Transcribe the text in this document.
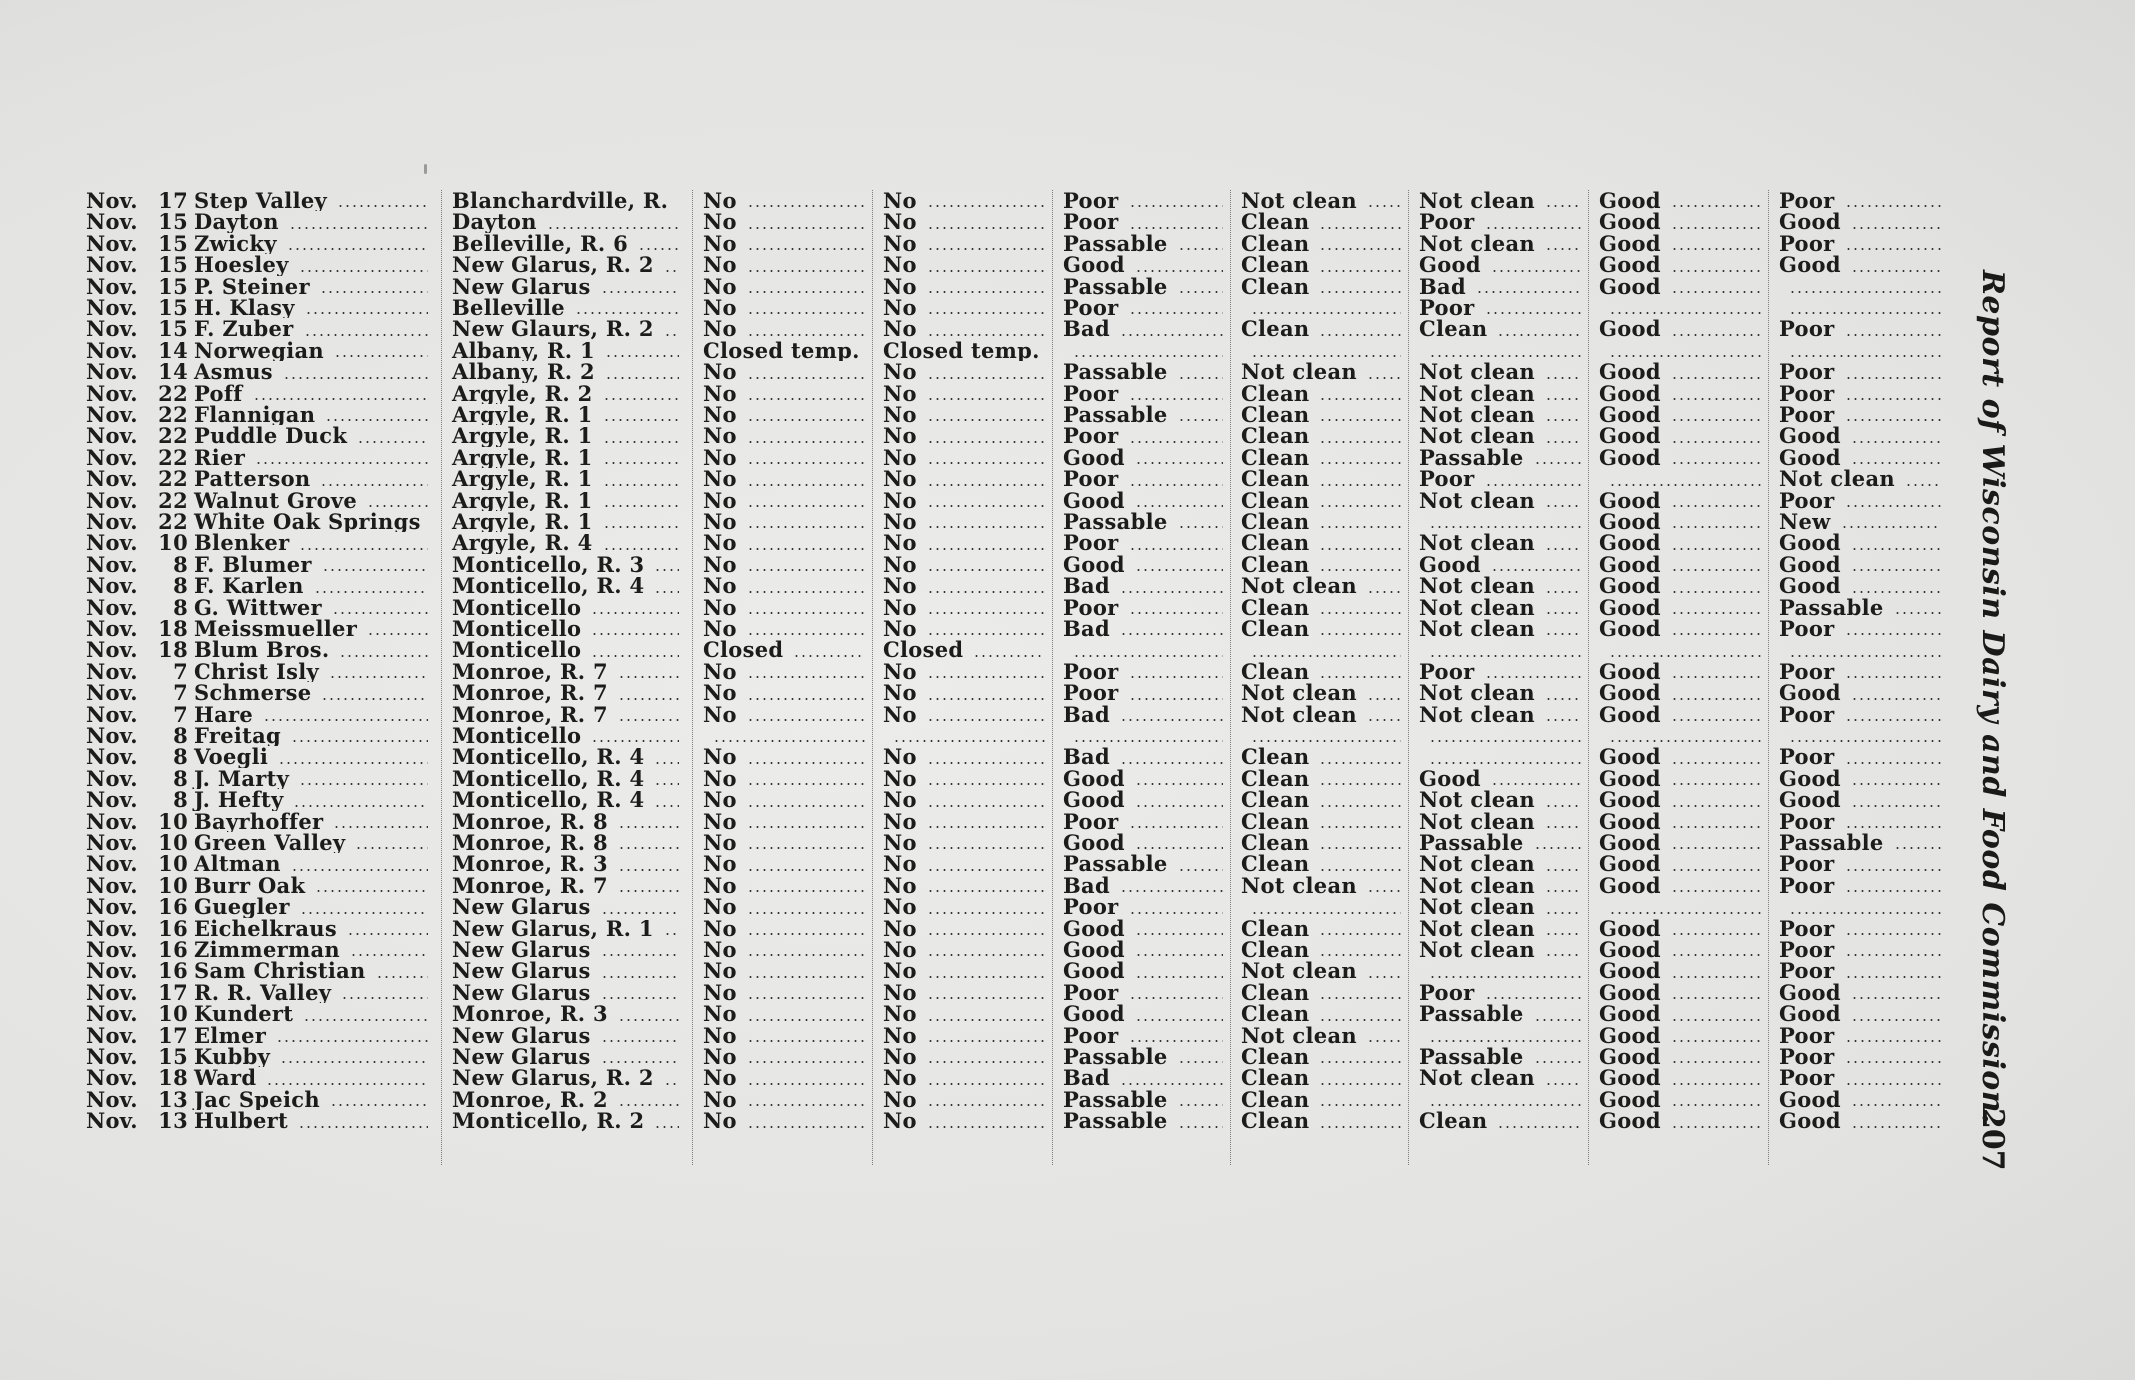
Nov. 17 Step Valley
Nov. 15 Dayton
Nov. 15 Zwicky
Nov. 15 Hoesley
Nov. 15 P. Steiner
Nov. 15 H. Klasy
Nov. 15 F. Zuber
Nov. 14 Norwegian
Nov. 14 Asmus
Nov. 22 Poff
Nov. 22 Flannigan
Nov. 22 Puddle Duck
Nov. 22 Rier
Nov. 22 Patterson
Nov. 22 Walnut Grove
Nov. 22 White Oak Springs
Nov. 10 Blenker
Nov. 8 F. Blumer
Nov. 8 F. Karlen
Nov. 8 G. Wittwer
Nov. 18 Meissmueller
Nov. 18 Blum Bros.
Nov. 7 Christ Isly
Nov. 7 Schmerse
Nov. 7 Hare
Nov. 8 Freitag
Nov. 8 Voegli
Nov. 8 J. Marty
Nov. 8 J. Hefty
Nov. 10 Bayrhoffer
Nov. 10 Green Valley
Nov. 10 Altman
Nov. 10 Burr Oak
Nov. 16 Guegler
Nov. 16 Eichelkraus
Nov. 16 Zimmerman
Nov. 16 Sam Christian
Nov. 17 R. R. Valley
Nov. 10 Kundert
Nov. 17 Elmer
Nov. 15 Kubby
Nov. 18 Ward
Nov. 13 Jac Speich
Nov. 13 Hulbert
Blanchardville, R.
Dayton
Belleville, R. 6
New Glarus, R. 2
New Glarus
Belleville
New Glaurs, R. 2
Albany, R. 1
Albany, R. 2
Argyle, R. 2
Argyle, R. 1
Argyle, R. 1
Argyle, R. 1
Argyle, R. 1
Argyle, R. 1
Argyle, R. 1
Argyle, R. 4
Monticello, R. 3
Monticello, R. 4
Monticello
Monticello
Monticello
Monroe, R. 7
Monroe, R. 7
Monroe, R. 7
Monticello
Monticello, R. 4
Monticello, R. 4
Monticello, R. 4
Monroe, R. 8
Monroe, R. 8
Monroe, R. 3
Monroe, R. 7
New Glarus
New Glarus, R. 1
New Glarus
New Glarus
New Glarus
Monroe, R. 3
New Glarus
New Glarus
New Glarus, R. 2
Monroe, R. 2
Monticello, R. 2
No
No
No
No
No
No
No
Closed temp.
No
No
No
No
No
No
No
No
No
No
No
No
No
Closed
No
No
No
No
No
No
No
No
No
No
No
No
No
No
No
No
No
No
No
No
No
No
No
No
No
No
No
No
Closed temp.
No
No
No
No
No
No
No
No
No
No
No
No
No
Closed
No
No
No
No
No
No
No
No
No
No
No
No
No
No
No
No
No
No
No
No
No
Poor
Poor
Passable
Good
Passable
Poor
Bad
Passable
Poor
Passable
Poor
Good
Poor
Good
Passable
Poor
Good
Bad
Poor
Bad
Poor
Poor
Bad
Bad
Good
Good
Poor
Good
Passable
Bad
Poor
Good
Good
Good
Poor
Good
Poor
Passable
Bad
Passable
Passable
Not clean
Clean
Clean
Clean
Clean
Clean
Not clean
Clean
Clean
Clean
Clean
Clean
Clean
Clean
Clean
Clean
Not clean
Clean
Clean
Clean
Not clean
Not clean
Clean
Clean
Clean
Clean
Clean
Clean
Not clean
Clean
Clean
Not clean
Clean
Clean
Not clean
Clean
Clean
Clean
Clean
Not clean
Poor
Not clean
Good
Bad
Poor
Clean
Not clean
Not clean
Not clean
Not clean
Passable
Poor
Not clean
Not clean
Good
Not clean
Not clean
Not clean
Poor
Not clean
Not clean
Good
Not clean
Not clean
Passable
Not clean
Not clean
Not clean
Not clean
Not clean
Poor
Passable
Passable
Not clean
Clean
Good
Good
Good
Good
Good
Good
Good
Good
Good
Good
Good
Good
Good
Good
Good
Good
Good
Good
Good
Good
Good
Good
Good
Good
Good
Good
Good
Good
Good
Good
Good
Good
Good
Good
Good
Good
Good
Good
Poor
Good
Poor
Good
Poor
Poor
Poor
Poor
Good
Good
Not clean
Poor
New
Good
Good
Good
Passable
Poor
Poor
Good
Poor
Poor
Good
Good
Poor
Passable
Poor
Poor
Poor
Poor
Poor
Good
Good
Poor
Poor
Poor
Good
Good	Report of Wisconsin Dairy and Food Commission.
207
